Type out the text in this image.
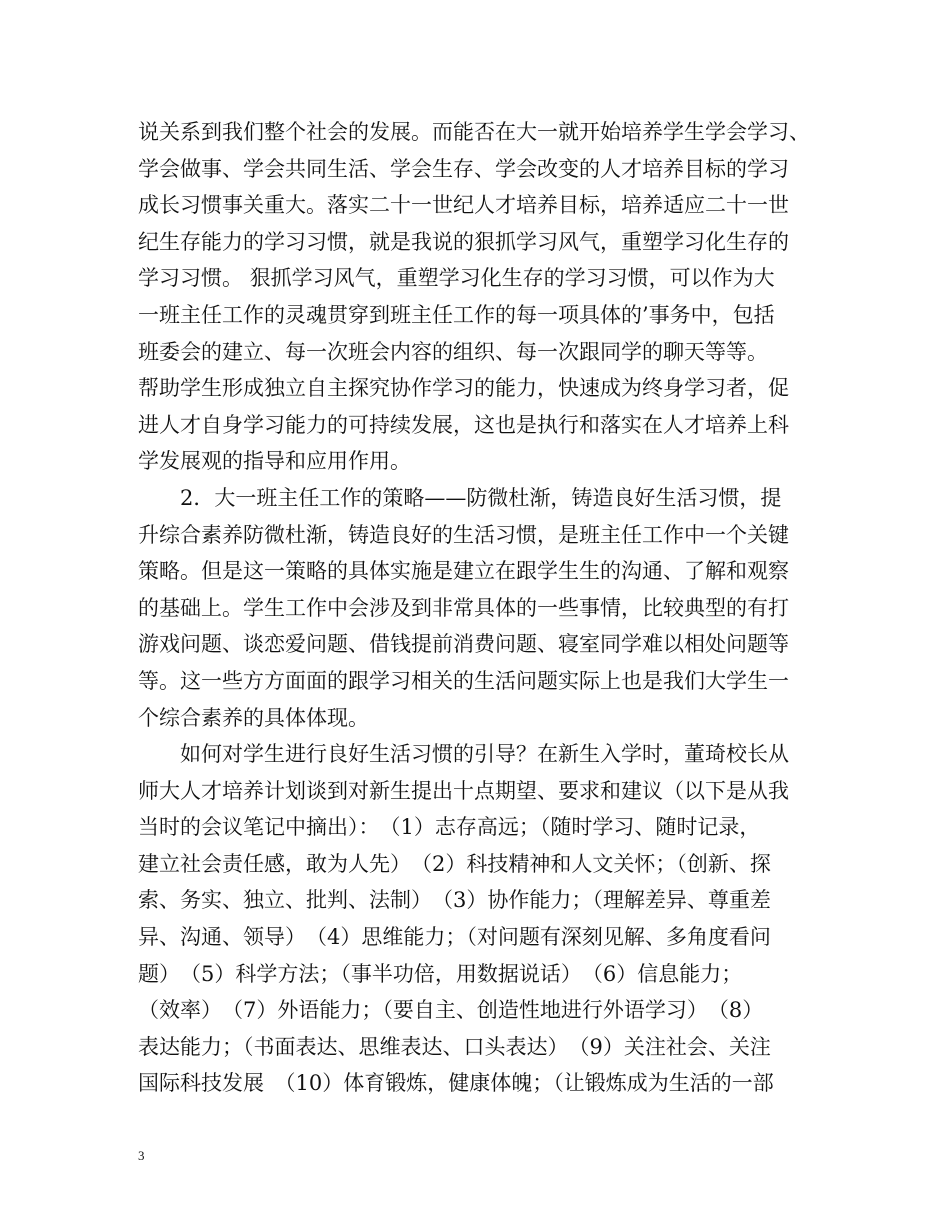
说关系到我们整个社会的发展。而能否在大一就开始培养学生学会学习、
学会做事、学会共同生活、学会生存、学会改变的人才培养目标的学习
成长习惯事关重大。落实二十一世纪人才培养目标，培养适应二十一世
纪生存能力的学习习惯，就是我说的狠抓学习风气，重塑学习化生存的
学习习惯。 狠抓学习风气，重塑学习化生存的学习习惯，可以作为大
一班主任工作的灵魂贯穿到班主任工作的每一项具体的’事务中，包括
班委会的建立、每一次班会内容的组织、每一次跟同学的聊天等等。
帮助学生形成独立自主探究协作学习的能力，快速成为终身学习者，促
进人才自身学习能力的可持续发展，这也是执行和落实在人才培养上科
学发展观的指导和应用作用。
　　2．大一班主任工作的策略——防微杜渐，铸造良好生活习惯，提
升综合素养防微杜渐，铸造良好的生活习惯，是班主任工作中一个关键
策略。但是这一策略的具体实施是建立在跟学生生的沟通、了解和观察
的基础上。学生工作中会涉及到非常具体的一些事情，比较典型的有打
游戏问题、谈恋爱问题、借钱提前消费问题、寝室同学难以相处问题等
等。这一些方方面面的跟学习相关的生活问题实际上也是我们大学生一
个综合素养的具体体现。
　　如何对学生进行良好生活习惯的引导？在新生入学时，董琦校长从
师大人才培养计划谈到对新生提出十点期望、要求和建议（以下是从我
当时的会议笔记中摘出）：　（1）志存高远；（随时学习、随时记录，
建立社会责任感，敢为人先）　（2）科技精神和人文关怀；（创新、探
索、务实、独立、批判、法制）　（3）协作能力；（理解差异、尊重差
异、沟通、领导）　（4）思维能力；（对问题有深刻见解、多角度看问
题）　（5）科学方法；（事半功倍，用数据说话）　（6）信息能力；
（效率）　（7）外语能力；（要自主、创造性地进行外语学习）　（8）
表达能力；（书面表达、思维表达、口头表达）　（9）关注社会、关注
国际科技发展　（10）体育锻炼，健康体魄；（让锻炼成为生活的一部
3
